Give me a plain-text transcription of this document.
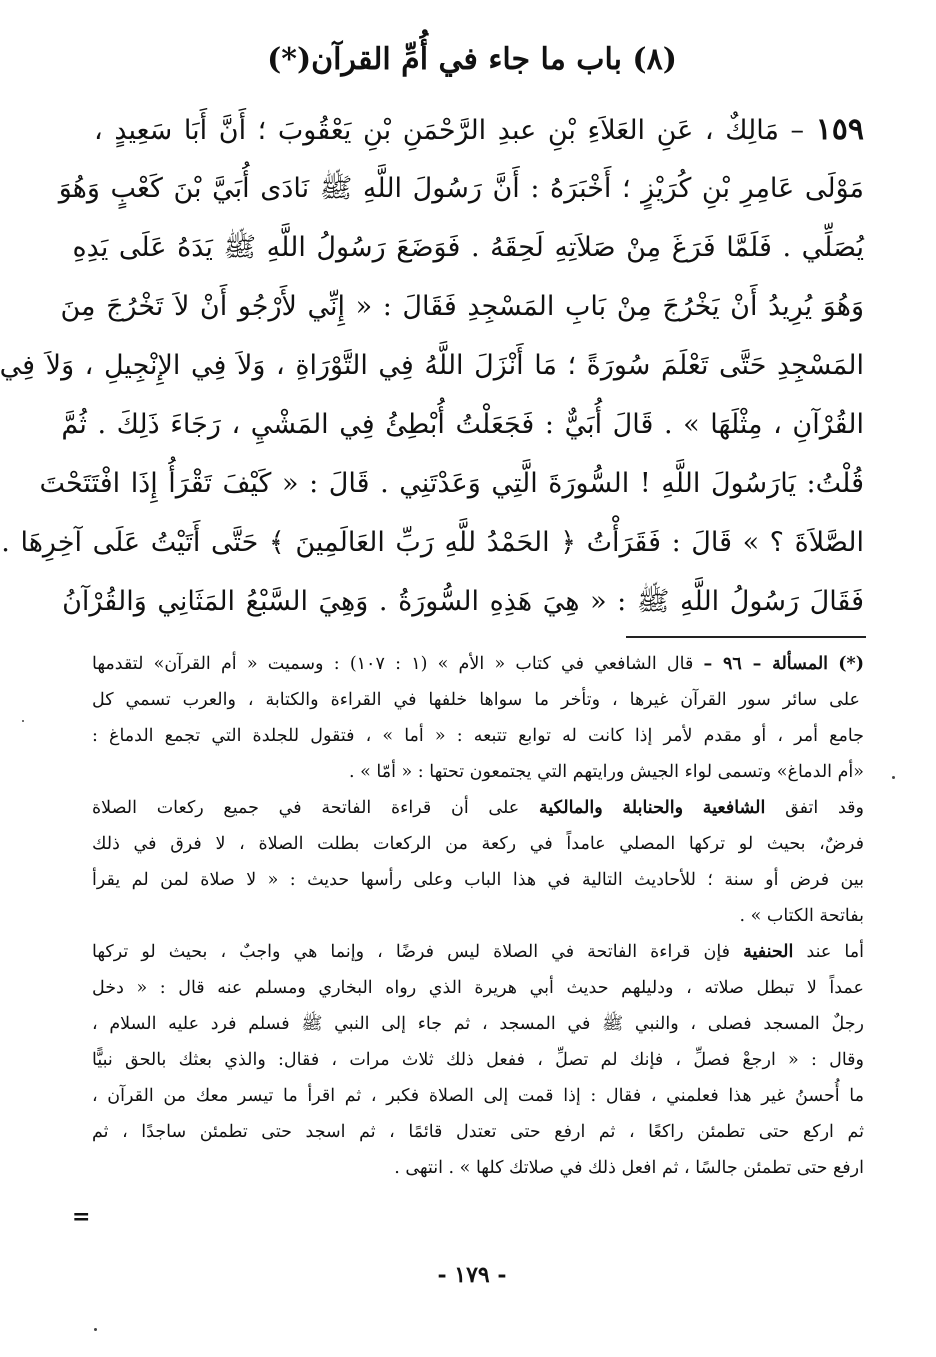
(٨) باب ما جاء في أُمِّ القرآن(*)
١٥٩ – مَالِكٌ ، عَنِ العَلاَءِ بْنِ عبدِ الرَّحْمَنِ بْنِ يَعْقُوبَ ؛ أَنَّ أَبَا سَعِيدٍ ،
مَوْلَى عَامِرِ بْنِ كُرَيْزٍ ؛ أَخْبَرَهُ : أَنَّ رَسُولَ اللَّهِ ﷺ نَادَى أُبَيَّ بْنَ كَعْبٍ وَهُوَ
يُصَلِّي . فَلَمَّا فَرَغَ مِنْ صَلاَتِهِ لَحِقَهُ . فَوَضَعَ رَسُولُ اللَّهِ ﷺ يَدَهُ عَلَى يَدِهِ
وَهُوَ يُرِيدُ أَنْ يَخْرُجَ مِنْ بَابِ المَسْجِدِ فَقَالَ : « إِنِّي لأَرْجُو أَنْ لاَ تَخْرُجَ مِنَ
المَسْجِدِ حَتَّى تَعْلَمَ سُورَةً ؛ مَا أَنْزَلَ اللَّهُ فِي التَّوْرَاةِ ، وَلاَ فِي الإِنْجِيلِ ، وَلاَ فِي
القُرْآنِ ، مِثْلَهَا » . قَالَ أُبَيٌّ : فَجَعَلْتُ أُبْطِئُ فِي المَشْيِ ، رَجَاءَ ذَلِكَ . ثُمَّ
قُلْتُ: يَارَسُولَ اللَّهِ ! السُّورَةَ الَّتِي وَعَدْتَنِي . قَالَ : « كَيْفَ تَقْرَأُ إِذَا افْتَتَحْتَ
الصَّلاَةَ ؟ » قَالَ : فَقَرَأْتُ ﴿ الحَمْدُ للَّهِ رَبِّ العَالَمِينَ ﴾ حَتَّى أَتَيْتُ عَلَى آخِرِهَا .
فَقَالَ رَسُولُ اللَّهِ ﷺ : « هِيَ هَذِهِ السُّورَةُ . وَهِيَ السَّبْعُ المَثَانِي وَالقُرْآنُ
(*) المسألة – ٩٦ – قال الشافعي في كتاب « الأم » (١ : ١٠٧) : وسميت « أم القرآن» لتقدمها
على سائر سور القرآن غيرها ، وتأخر ما سواها خلفها في القراءة والكتابة ، والعرب تسمي كل
جامع أمر ، أو مقدم لأمر إذا كانت له توابع تتبعه : « أما » ، فتقول للجلدة التي تجمع الدماغ :
«أم الدماغ» وتسمى لواء الجيش ورايتهم التي يجتمعون تحتها : « أمّا » .
وقد اتفق الشافعية والحنابلة والمالكية على أن قراءة الفاتحة في جميع ركعات الصلاة
فرضٌ، بحيث لو تركها المصلي عامداً في ركعة من الركعات بطلت الصلاة ، لا فرق في ذلك
بين فرض أو سنة ؛ للأحاديث التالية في هذا الباب وعلى رأسها حديث : « لا صلاة لمن لم يقرأ
بفاتحة الكتاب » .
أما عند الحنفية فإن قراءة الفاتحة في الصلاة ليس فرضًا ، وإنما هي واجبٌ ، بحيث لو تركها
عمداً لا تبطل صلاته ، ودليلهم حديث أبي هريرة الذي رواه البخاري ومسلم عنه قال : « دخل
رجلٌ المسجد فصلى ، والنبي ﷺ في المسجد ، ثم جاء إلى النبي ﷺ فسلم فرد عليه السلام ،
وقال : « ارجعْ فصلِّ ، فإنك لم تصلِّ ، ففعل ذلك ثلاث مرات ، فقال: والذي بعثك بالحق نبيًّا
ما أُحسنُ غير هذا فعلمني ، فقال : إذا قمت إلى الصلاة فكبر ، ثم اقرأ ما تيسر معك من القرآن ،
ثم اركع حتى تطمئن راكعًا ، ثم ارفع حتى تعتدل قائمًا ، ثم اسجد حتى تطمئن ساجدًا ، ثم
ارفع حتى تطمئن جالسًا ، ثم افعل ذلك في صلاتك كلها » . انتهى .
=
- ١٧٩ -
